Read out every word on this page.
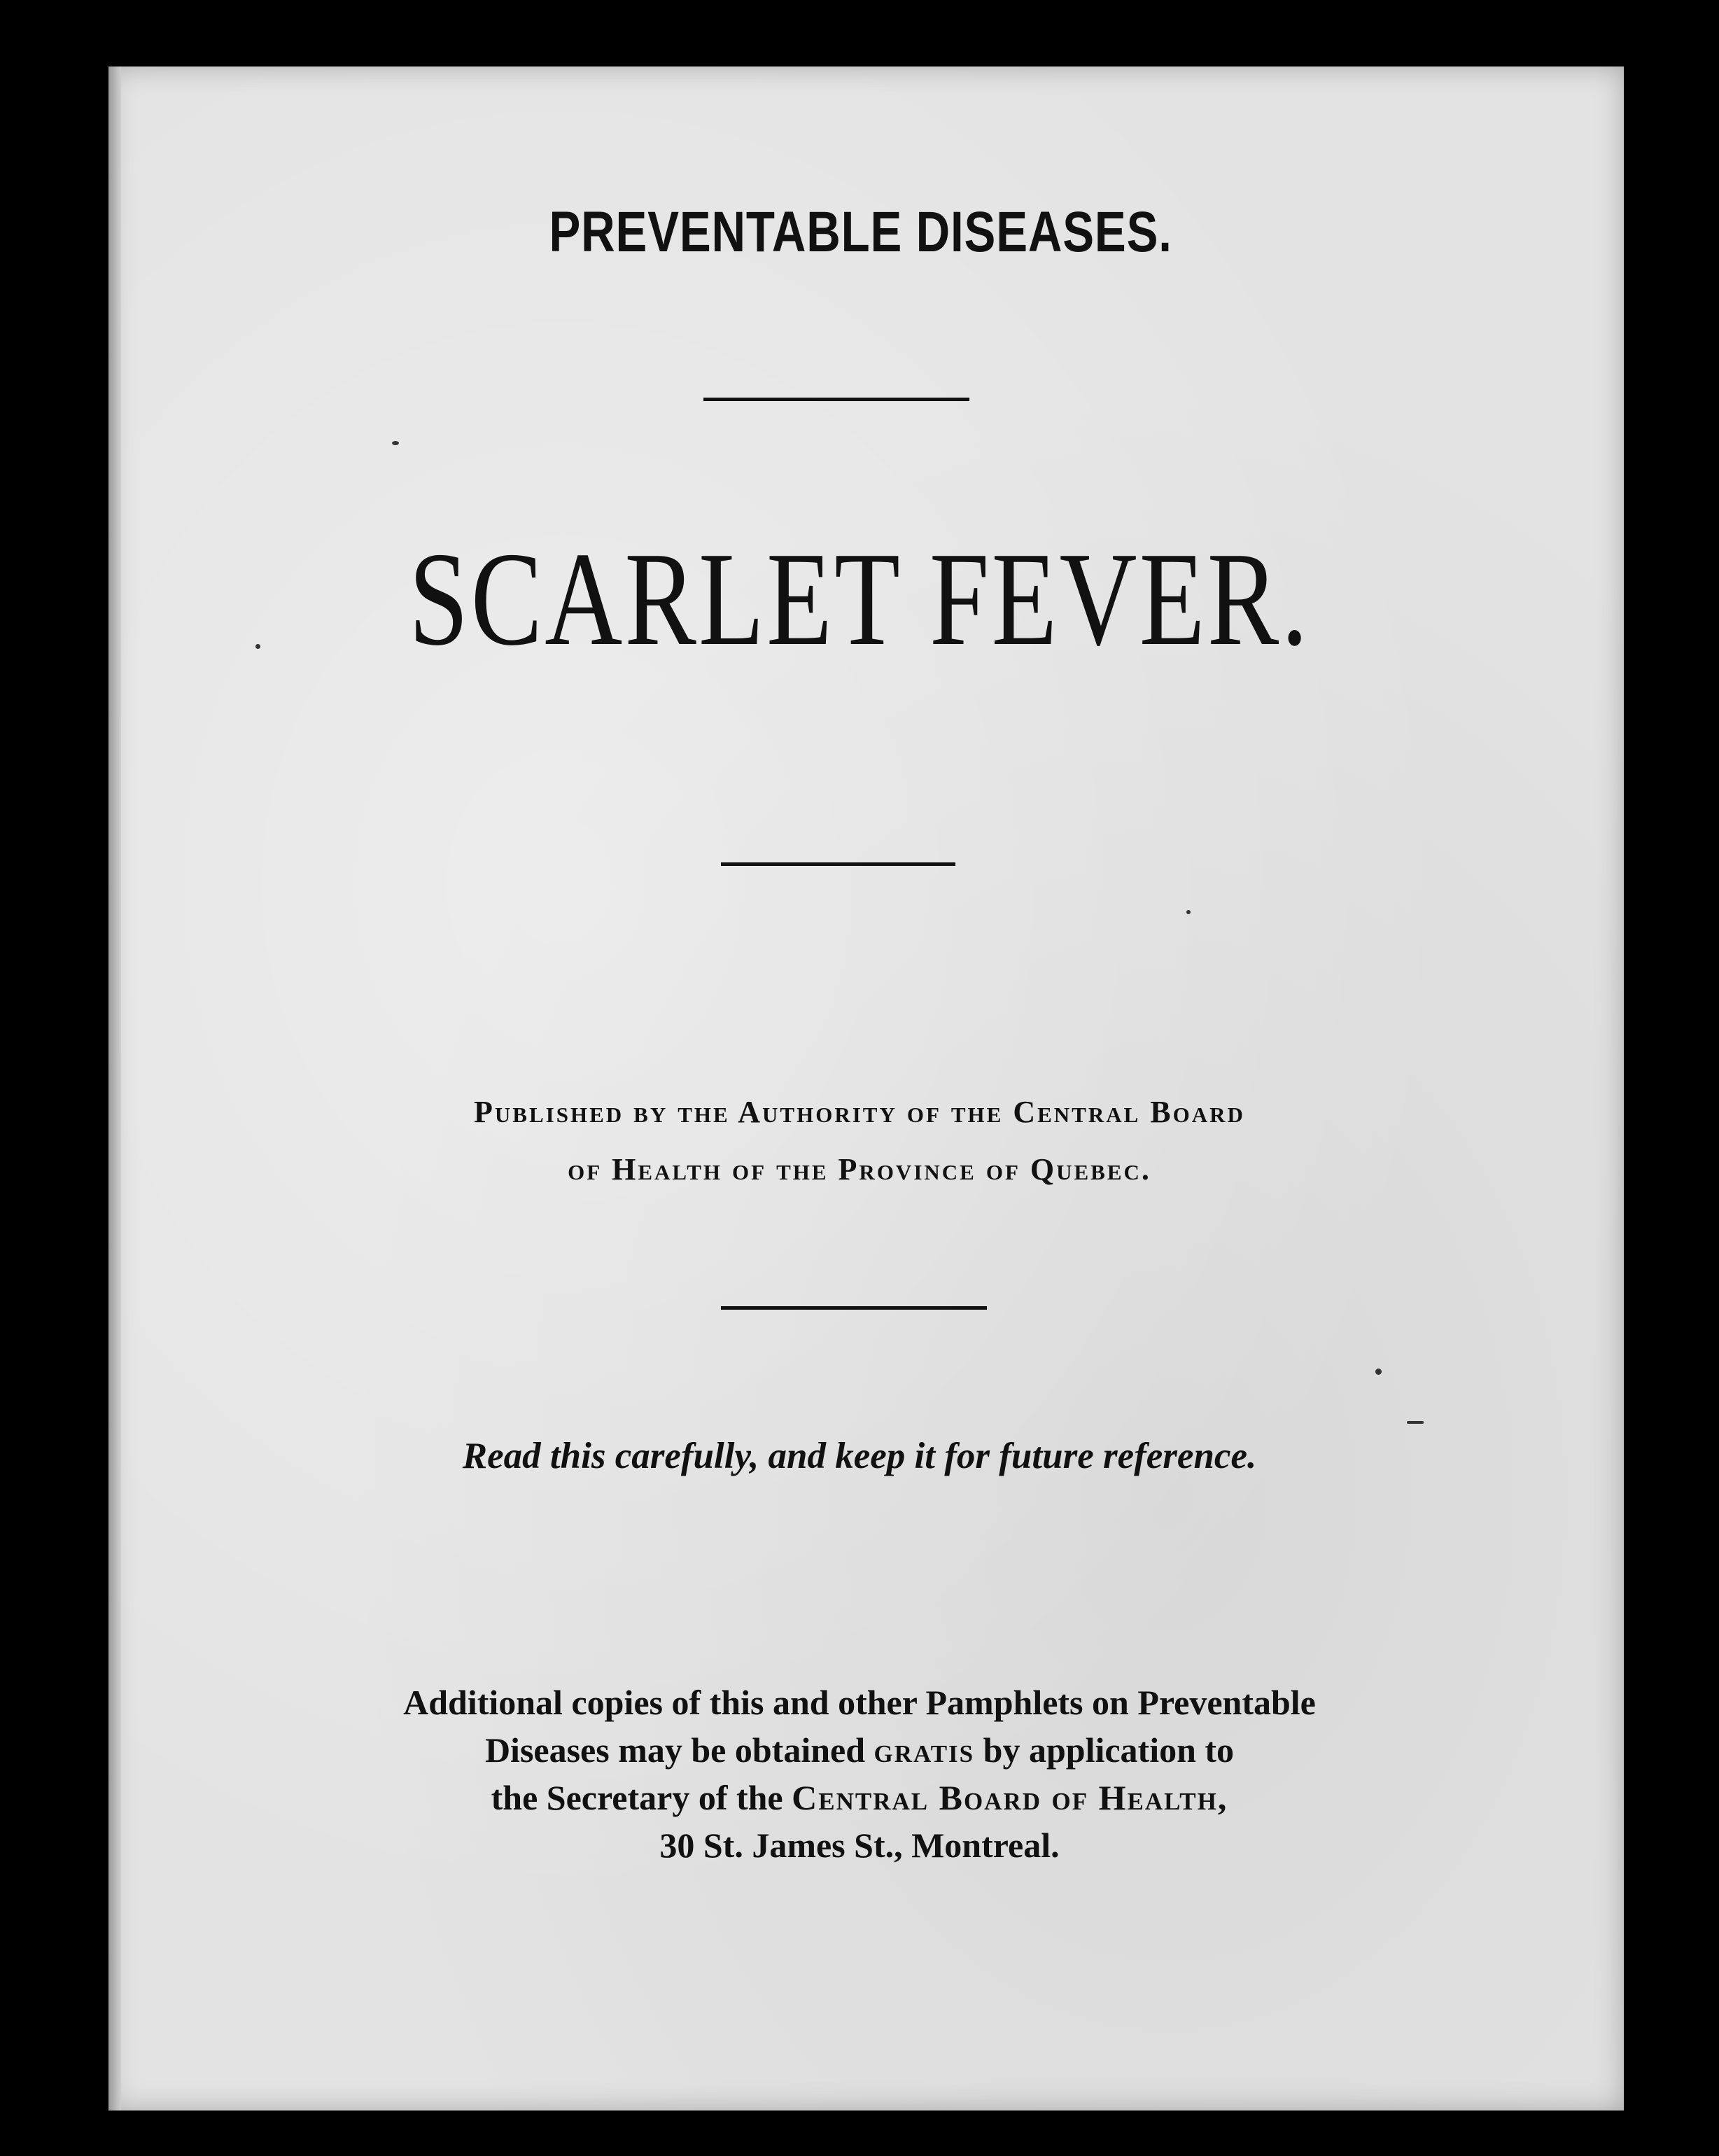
PREVENTABLE DISEASES.
SCARLET FEVER.
Published by the Authority of the Central Board
of Health of the Province of Quebec.
Read this carefully, and keep it for future reference.
Additional copies of this and other Pamphlets on Preventable
Diseases may be obtained gratis by application to
the Secretary of the Central Board of Health,
30 St. James St., Montreal.
